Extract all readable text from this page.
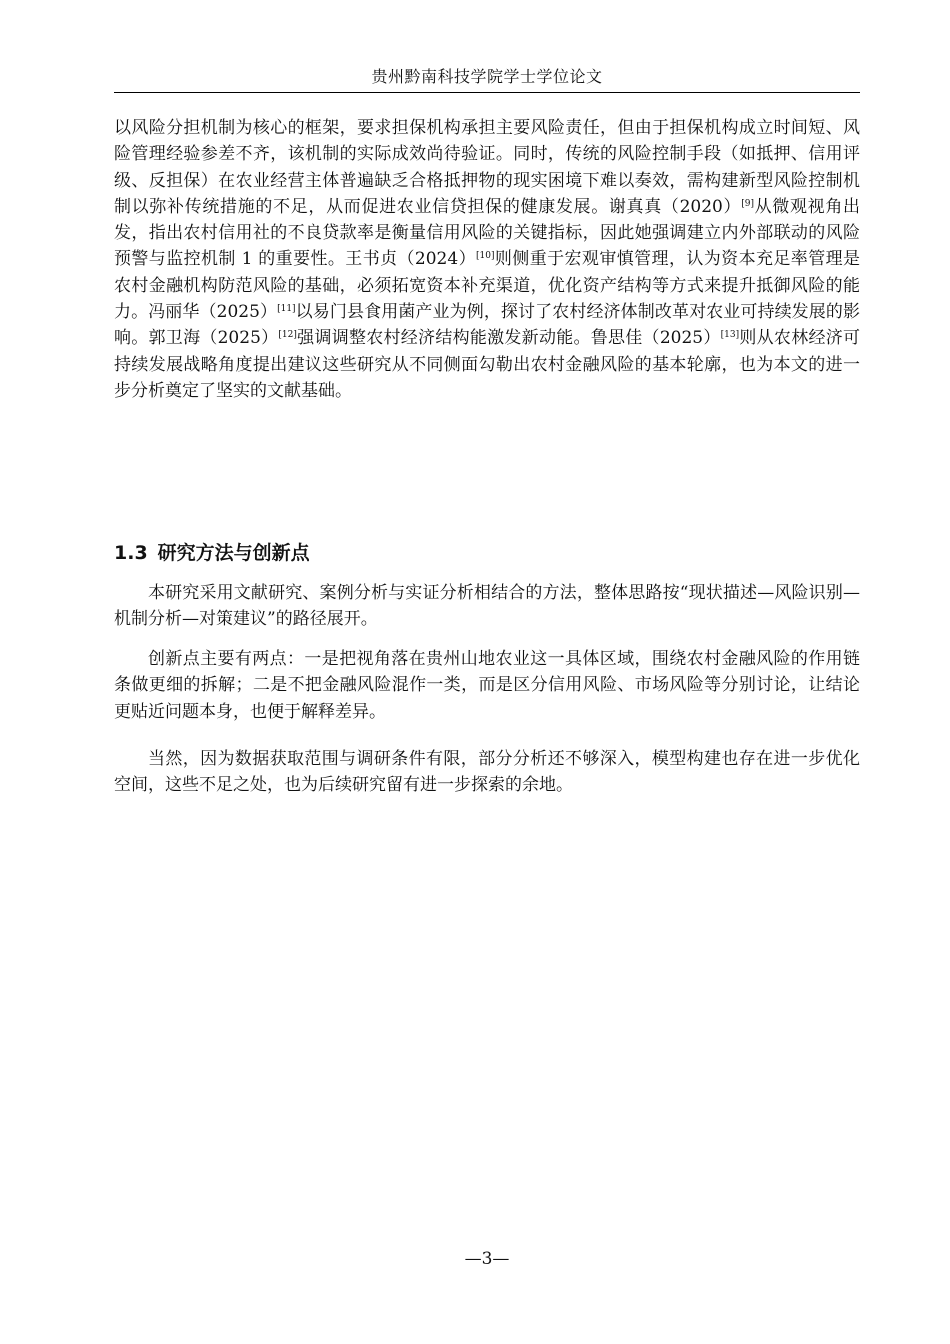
贵州黔南科技学院学士学位论文

以风险分担机制为核心的框架，要求担保机构承担主要风险责任，但由于担保机构成立时间短、风险管理经验参差不齐，该机制的实际成效尚待验证。同时，传统的风险控制手段（如抵押、信用评级、反担保）在农业经营主体普遍缺乏合格抵押物的现实困境下难以奏效，需构建新型风险控制机制以弥补传统措施的不足，从而促进农业信贷担保的健康发展。谢真真（2020）[9]从微观视角出发，指出农村信用社的不良贷款率是衡量信用风险的关键指标，因此她强调建立内外部联动的风险预警与监控机制 1 的重要性。王书贞（2024）[10]则侧重于宏观审慎管理，认为资本充足率管理是农村金融机构防范风险的基础，必须拓宽资本补充渠道，优化资产结构等方式来提升抵御风险的能力。冯丽华（2025）[11]以易门县食用菌产业为例，探讨了农村经济体制改革对农业可持续发展的影响。郭卫海（2025）[12]强调调整农村经济结构能激发新动能。鲁思佳（2025）[13]则从农林经济可持续发展战略角度提出建议这些研究从不同侧面勾勒出农村金融风险的基本轮廓，也为本文的进一步分析奠定了坚实的文献基础。

1.3 研究方法与创新点

本研究采用文献研究、案例分析与实证分析相结合的方法，整体思路按“现状描述—风险识别—机制分析—对策建议”的路径展开。

创新点主要有两点：一是把视角落在贵州山地农业这一具体区域，围绕农村金融风险的作用链条做更细的拆解；二是不把金融风险混作一类，而是区分信用风险、市场风险等分别讨论，让结论更贴近问题本身，也便于解释差异。

当然，因为数据获取范围与调研条件有限，部分分析还不够深入，模型构建也存在进一步优化空间，这些不足之处，也为后续研究留有进一步探索的余地。

—3—
